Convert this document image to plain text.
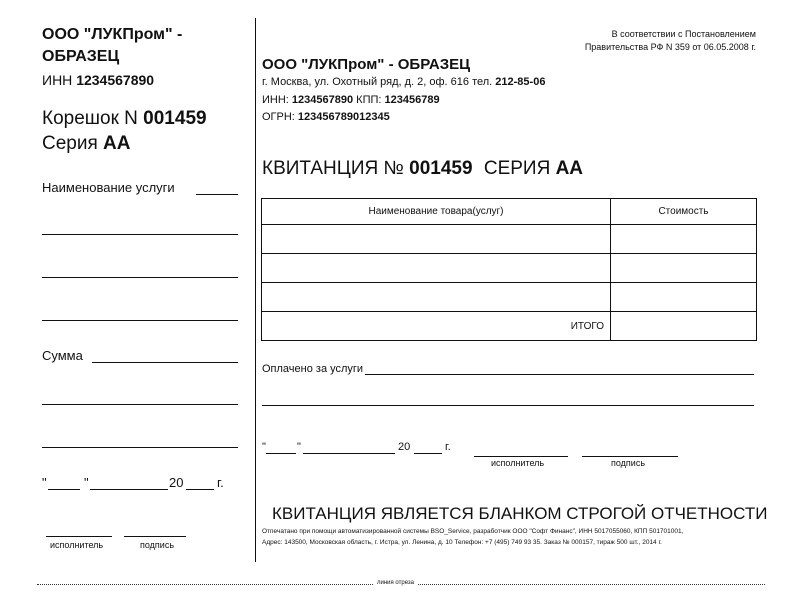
ООО "ЛУКПром" -
ОБРАЗЕЦ
ИНН 1234567890
Корешок N 001459
Серия АА
Наименование услуги
Сумма
"	"	20	г.
исполнитель	подпись
В соответствии с Постановлением
Правительства РФ N 359 от 06.05.2008 г.
ООО "ЛУКПром" - ОБРАЗЕЦ
г. Москва, ул. Охотный ряд, д. 2, оф. 616 тел. 212-85-06
ИНН: 1234567890 КПП: 123456789
ОГРН: 123456789012345
КВИТАНЦИЯ № 001459 СЕРИЯ АА
Наименование товара(услуг)	Стоимость

ИТОГО	
Оплачено за услуги
"	"	20	г.
исполнитель	подпись
КВИТАНЦИЯ ЯВЛЯЕТСЯ БЛАНКОМ СТРОГОЙ ОТЧЕТНОСТИ
Отпечатано при помощи автоматизированной системы BSO_Service, разработчик ООО "Софт Финанс", ИНН 5017055060, КПП 501701001,
Адрес: 143500, Московская область, г. Истра, ул. Ленина, д. 10 Телефон: +7 (495) 749 93 35. Заказ № 000157, тираж 500 шт., 2014 г.
линия отреза
